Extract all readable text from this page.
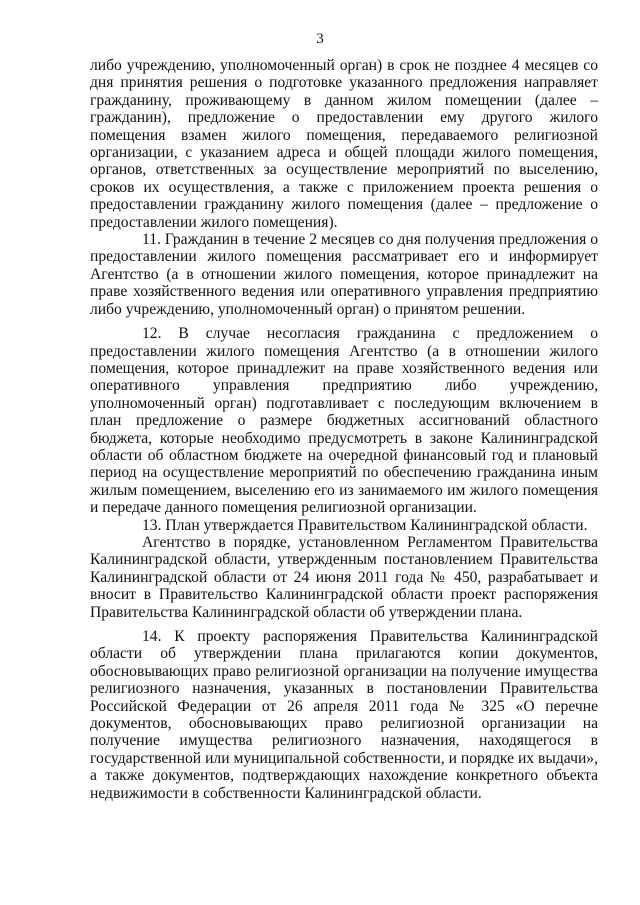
3

либо учреждению, уполномоченный орган) в срок не позднее 4 месяцев со дня принятия решения о подготовке указанного предложения направляет гражданину, проживающему в данном жилом помещении (далее – гражданин), предложение о предоставлении ему другого жилого помещения взамен жилого помещения, передаваемого религиозной организации, с указанием адреса и общей площади жилого помещения, органов, ответственных за осуществление мероприятий по выселению, сроков их осуществления, а также с приложением проекта решения о предоставлении гражданину жилого помещения (далее – предложение о предоставлении жилого помещения).

11. Гражданин в течение 2 месяцев со дня получения предложения о предоставлении жилого помещения рассматривает его и информирует Агентство (а в отношении жилого помещения, которое принадлежит на праве хозяйственного ведения или оперативного управления предприятию либо учреждению, уполномоченный орган) о принятом решении.

12. В случае несогласия гражданина с предложением о предоставлении жилого помещения Агентство (а в отношении жилого помещения, которое принадлежит на праве хозяйственного ведения или оперативного управления предприятию либо учреждению, уполномоченный орган) подготавливает с последующим включением в план предложение о размере бюджетных ассигнований областного бюджета, которые необходимо предусмотреть в законе Калининградской области об областном бюджете на очередной финансовый год и плановый период на осуществление мероприятий по обеспечению гражданина иным жилым помещением, выселению его из занимаемого им жилого помещения и передаче данного помещения религиозной организации.

13. План утверждается Правительством Калининградской области.

Агентство в порядке, установленном Регламентом Правительства Калининградской области, утвержденным постановлением Правительства Калининградской области от 24 июня 2011 года № 450, разрабатывает и вносит в Правительство Калининградской области проект распоряжения Правительства Калининградской области об утверждении плана.

14. К проекту распоряжения Правительства Калининградской области об утверждении плана прилагаются копии документов, обосновывающих право религиозной организации на получение имущества религиозного назначения, указанных в постановлении Правительства Российской Федерации от 26 апреля 2011 года № 325 «О перечне документов, обосновывающих право религиозной организации на получение имущества религиозного назначения, находящегося в государственной или муниципальной собственности, и порядке их выдачи», а также документов, подтверждающих нахождение конкретного объекта недвижимости в собственности Калининградской области.
